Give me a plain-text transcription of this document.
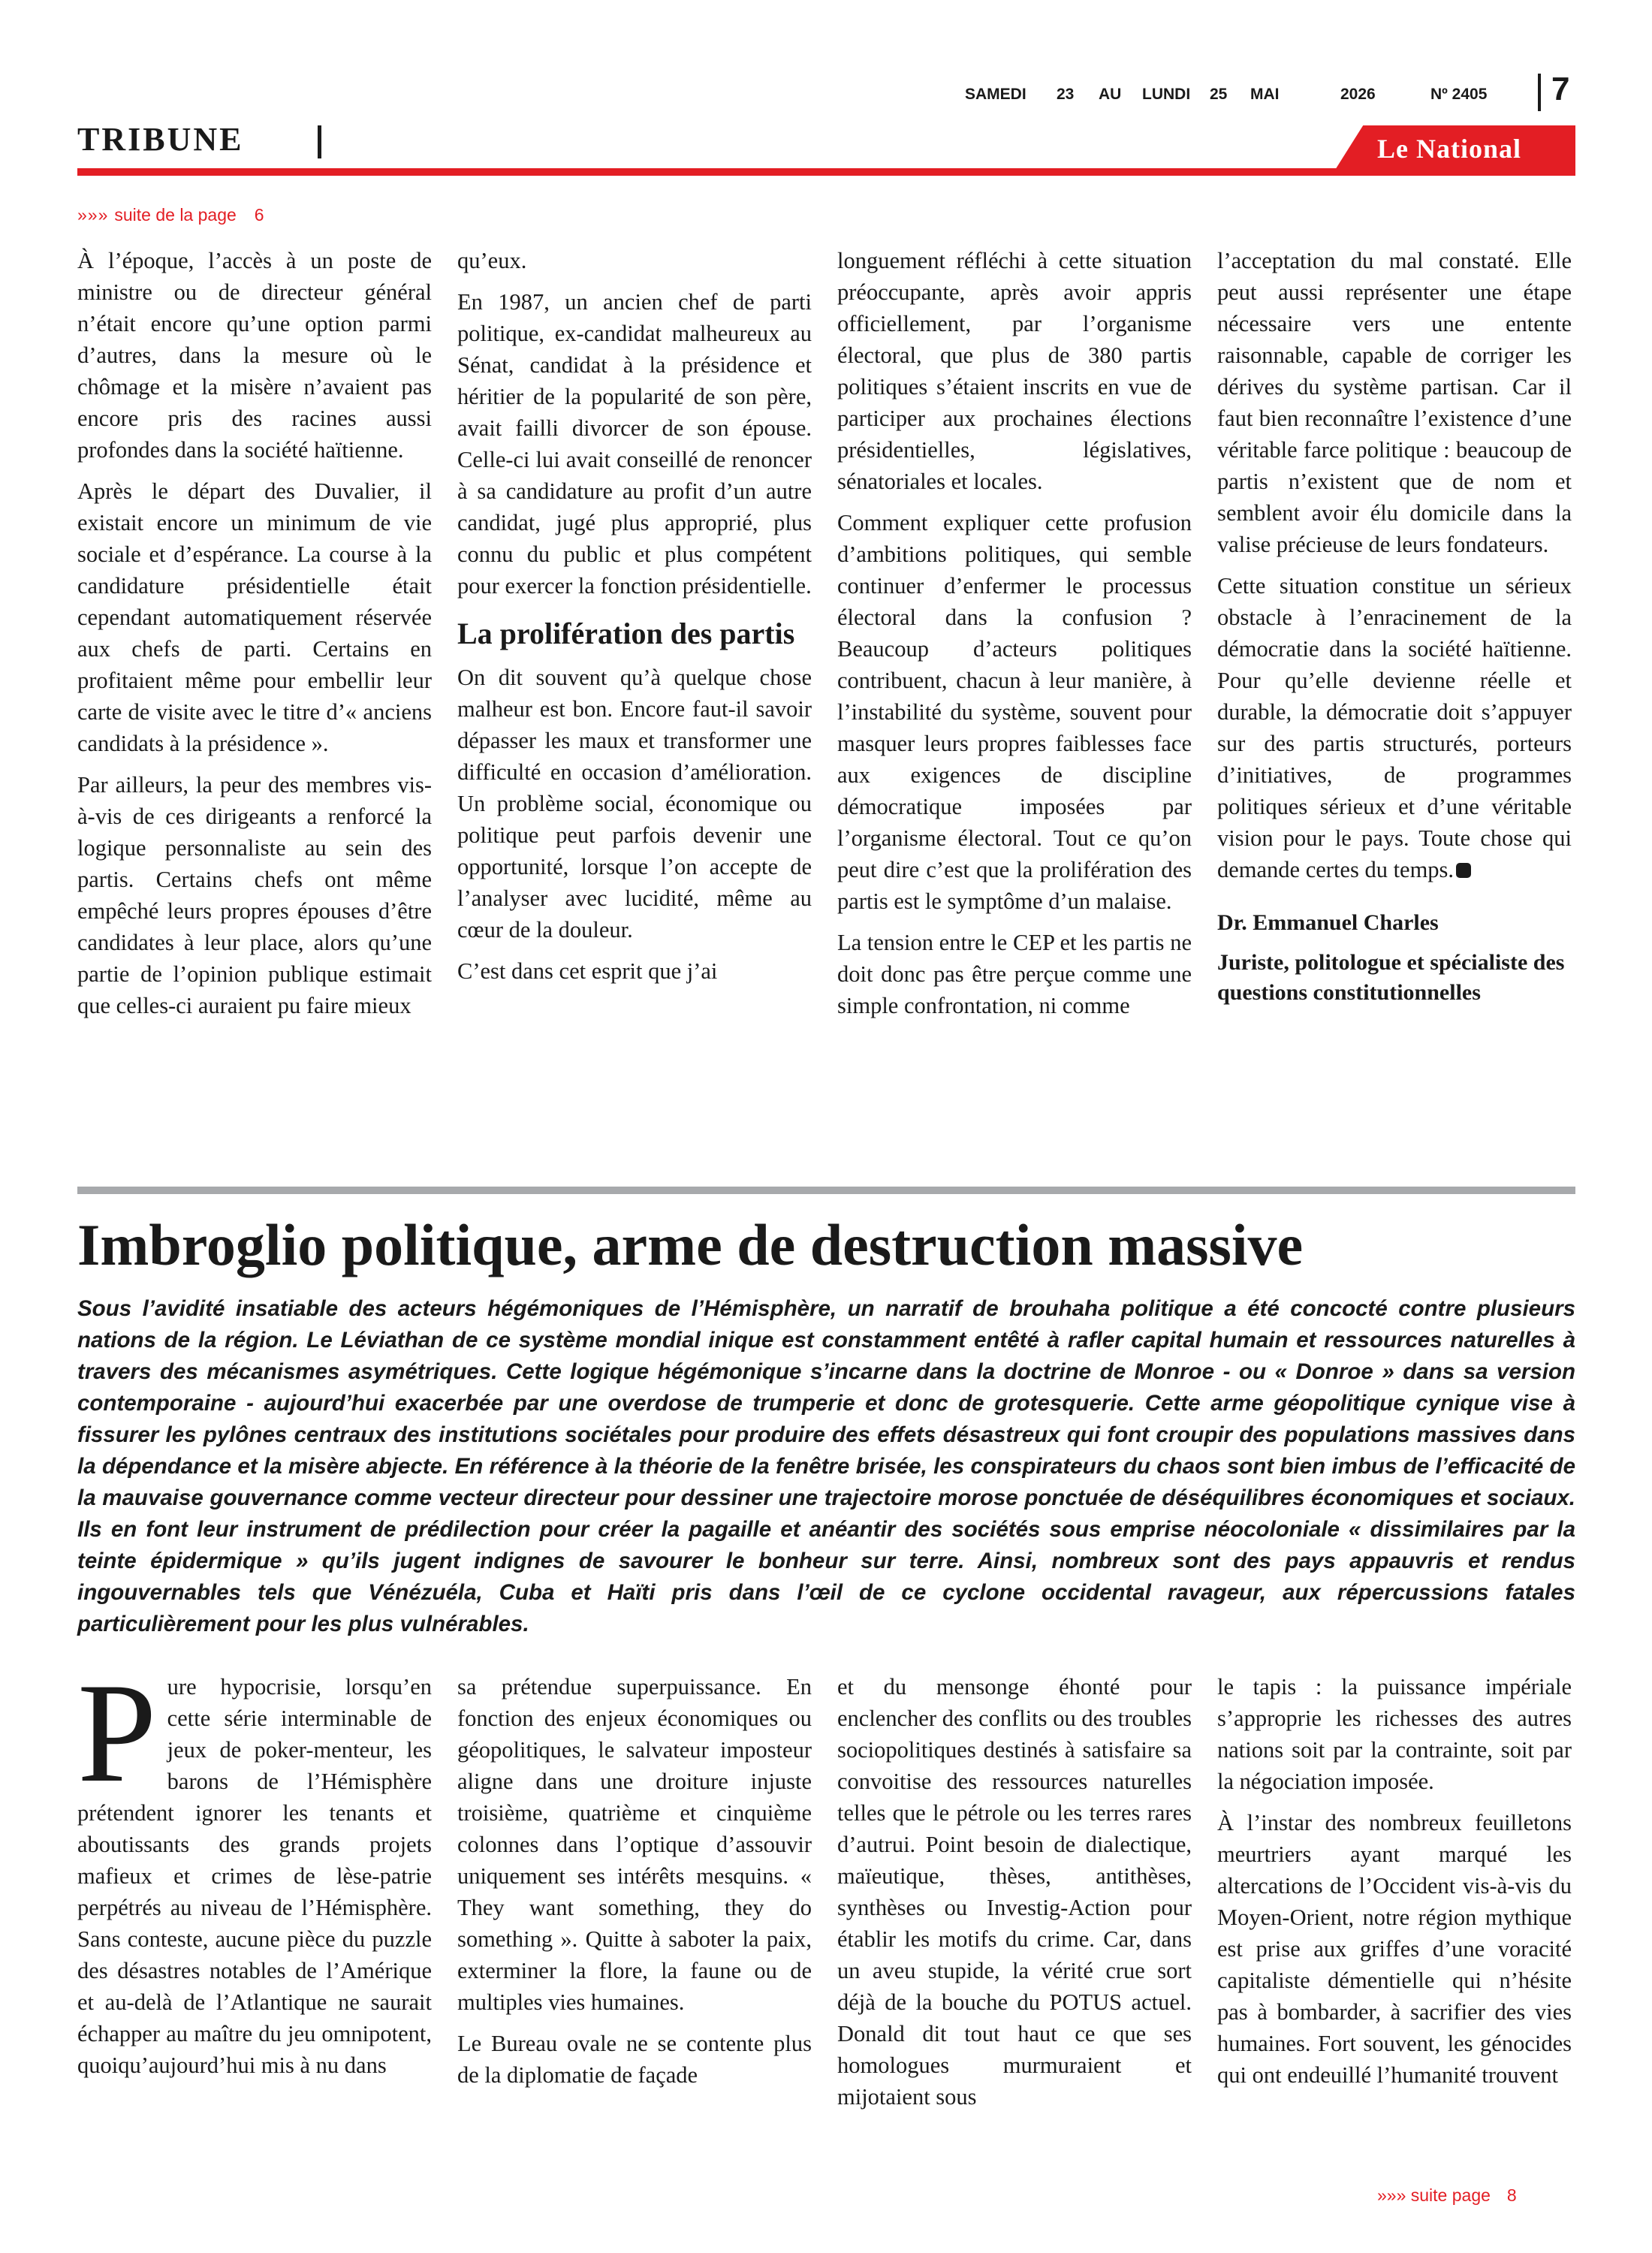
SAMEDI 23 AU LUNDI 25 MAI	2026	Nº 2405 7
TRIBUNE	Le National
»»» suite de la page 6

À l’époque, l’accès à un poste de ministre ou de directeur général n’était encore qu’une option parmi d’autres, dans la mesure où le chômage et la misère n’avaient pas encore pris des racines aussi profondes dans la société haïtienne.

Après le départ des Duvalier, il existait encore un minimum de vie sociale et d’espérance. La course à la candidature présidentielle était cependant automatiquement réservée aux chefs de parti. Certains en profitaient même pour embellir leur carte de visite avec le titre d’« anciens candidats à la présidence ».

Par ailleurs, la peur des membres vis-à-vis de ces dirigeants a renforcé la logique personnaliste au sein des partis. Certains chefs ont même empêché leurs propres épouses d’être candidates à leur place, alors qu’une partie de l’opinion publique estimait que celles-ci auraient pu faire mieux

qu’eux.

En 1987, un ancien chef de parti politique, ex-candidat malheureux au Sénat, candidat à la présidence et héritier de la popularité de son père, avait failli divorcer de son épouse. Celle-ci lui avait conseillé de renoncer à sa candidature au profit d’un autre candidat, jugé plus approprié, plus connu du public et plus compétent pour exercer la fonction présidentielle.

La prolifération des partis

On dit souvent qu’à quelque chose malheur est bon. Encore faut-il savoir dépasser les maux et transformer une difficulté en occasion d’amélioration. Un problème social, économique ou politique peut parfois devenir une opportunité, lorsque l’on accepte de l’analyser avec lucidité, même au cœur de la douleur.

C’est dans cet esprit que j’ai

longuement réfléchi à cette situation préoccupante, après avoir appris officiellement, par l’organisme électoral, que plus de 380 partis politiques s’étaient inscrits en vue de participer aux prochaines élections présidentielles, législatives, sénatoriales et locales.

Comment expliquer cette profusion d’ambitions politiques, qui semble continuer d’enfermer le processus électoral dans la confusion ? Beaucoup d’acteurs politiques contribuent, chacun à leur manière, à l’instabilité du système, souvent pour masquer leurs propres faiblesses face aux exigences de discipline démocratique imposées par l’organisme électoral. Tout ce qu’on peut dire c’est que la prolifération des partis est le symptôme d’un malaise.

La tension entre le CEP et les partis ne doit donc pas être perçue comme une simple confrontation, ni comme

l’acceptation du mal constaté. Elle peut aussi représenter une étape nécessaire vers une entente raisonnable, capable de corriger les dérives du système partisan. Car il faut bien reconnaître l’existence d’une véritable farce politique : beaucoup de partis n’existent que de nom et semblent avoir élu domicile dans la valise précieuse de leurs fondateurs.

Cette situation constitue un sérieux obstacle à l’enracinement de la démocratie dans la société haïtienne. Pour qu’elle devienne réelle et durable, la démocratie doit s’appuyer sur des partis structurés, porteurs d’initiatives, de programmes politiques sérieux et d’une véritable vision pour le pays. Toute chose qui demande certes du temps.

Dr. Emmanuel Charles

Juriste, politologue et spécialiste des questions constitutionnelles

Imbroglio politique, arme de destruction massive

Sous l’avidité insatiable des acteurs hégémoniques de l’Hémisphère, un narratif de brouhaha politique a été concocté contre plusieurs nations de la région. Le Léviathan de ce système mondial inique est constamment entêté à rafler capital humain et ressources naturelles à travers des mécanismes asymétriques. Cette logique hégémonique s’incarne dans la doctrine de Monroe - ou « Donroe » dans sa version contemporaine - aujourd’hui exacerbée par une overdose de trumperie et donc de grotesquerie. Cette arme géopolitique cynique vise à fissurer les pylônes centraux des institutions sociétales pour produire des effets désastreux qui font croupir des populations massives dans la dépendance et la misère abjecte. En référence à la théorie de la fenêtre brisée, les conspirateurs du chaos sont bien imbus de l’efficacité de la mauvaise gouvernance comme vecteur directeur pour dessiner une trajectoire morose ponctuée de déséquilibres économiques et sociaux. Ils en font leur instrument de prédilection pour créer la pagaille et anéantir des sociétés sous emprise néocoloniale « dissimilaires par la teinte épidermique » qu’ils jugent indignes de savourer le bonheur sur terre. Ainsi, nombreux sont des pays appauvris et rendus ingouvernables tels que Vénézuéla, Cuba et Haïti pris dans l’œil de ce cyclone occidental ravageur, aux répercussions fatales particulièrement pour les plus vulnérables.

Pure hypocrisie, lorsqu’en cette série interminable de jeux de poker-menteur, les barons de l’Hémisphère prétendent ignorer les tenants et aboutissants des grands projets mafieux et crimes de lèse-patrie perpétrés au niveau de l’Hémisphère. Sans conteste, aucune pièce du puzzle des désastres notables de l’Amérique et au-delà de l’Atlantique ne saurait échapper au maître du jeu omnipotent, quoiqu’aujourd’hui mis à nu dans

sa prétendue superpuissance. En fonction des enjeux économiques ou géopolitiques, le salvateur imposteur aligne dans une droiture injuste troisième, quatrième et cinquième colonnes dans l’optique d’assouvir uniquement ses intérêts mesquins. « They want something, they do something ». Quitte à saboter la paix, exterminer la flore, la faune ou de multiples vies humaines.

Le Bureau ovale ne se contente plus de la diplomatie de façade

et du mensonge éhonté pour enclencher des conflits ou des troubles sociopolitiques destinés à satisfaire sa convoitise des ressources naturelles telles que le pétrole ou les terres rares d’autrui. Point besoin de dialectique, maïeutique, thèses, antithèses, synthèses ou Investig-Action pour établir les motifs du crime. Car, dans un aveu stupide, la vérité crue sort déjà de la bouche du POTUS actuel. Donald dit tout haut ce que ses homologues murmuraient et mijotaient sous

le tapis : la puissance impériale s’approprie les richesses des autres nations soit par la contrainte, soit par la négociation imposée.

À l’instar des nombreux feuilletons meurtriers ayant marqué les altercations de l’Occident vis-à-vis du Moyen-Orient, notre région mythique est prise aux griffes d’une voracité capitaliste démentielle qui n’hésite pas à bombarder, à sacrifier des vies humaines. Fort souvent, les génocides qui ont endeuillé l’humanité trouvent

»»» suite page 8
